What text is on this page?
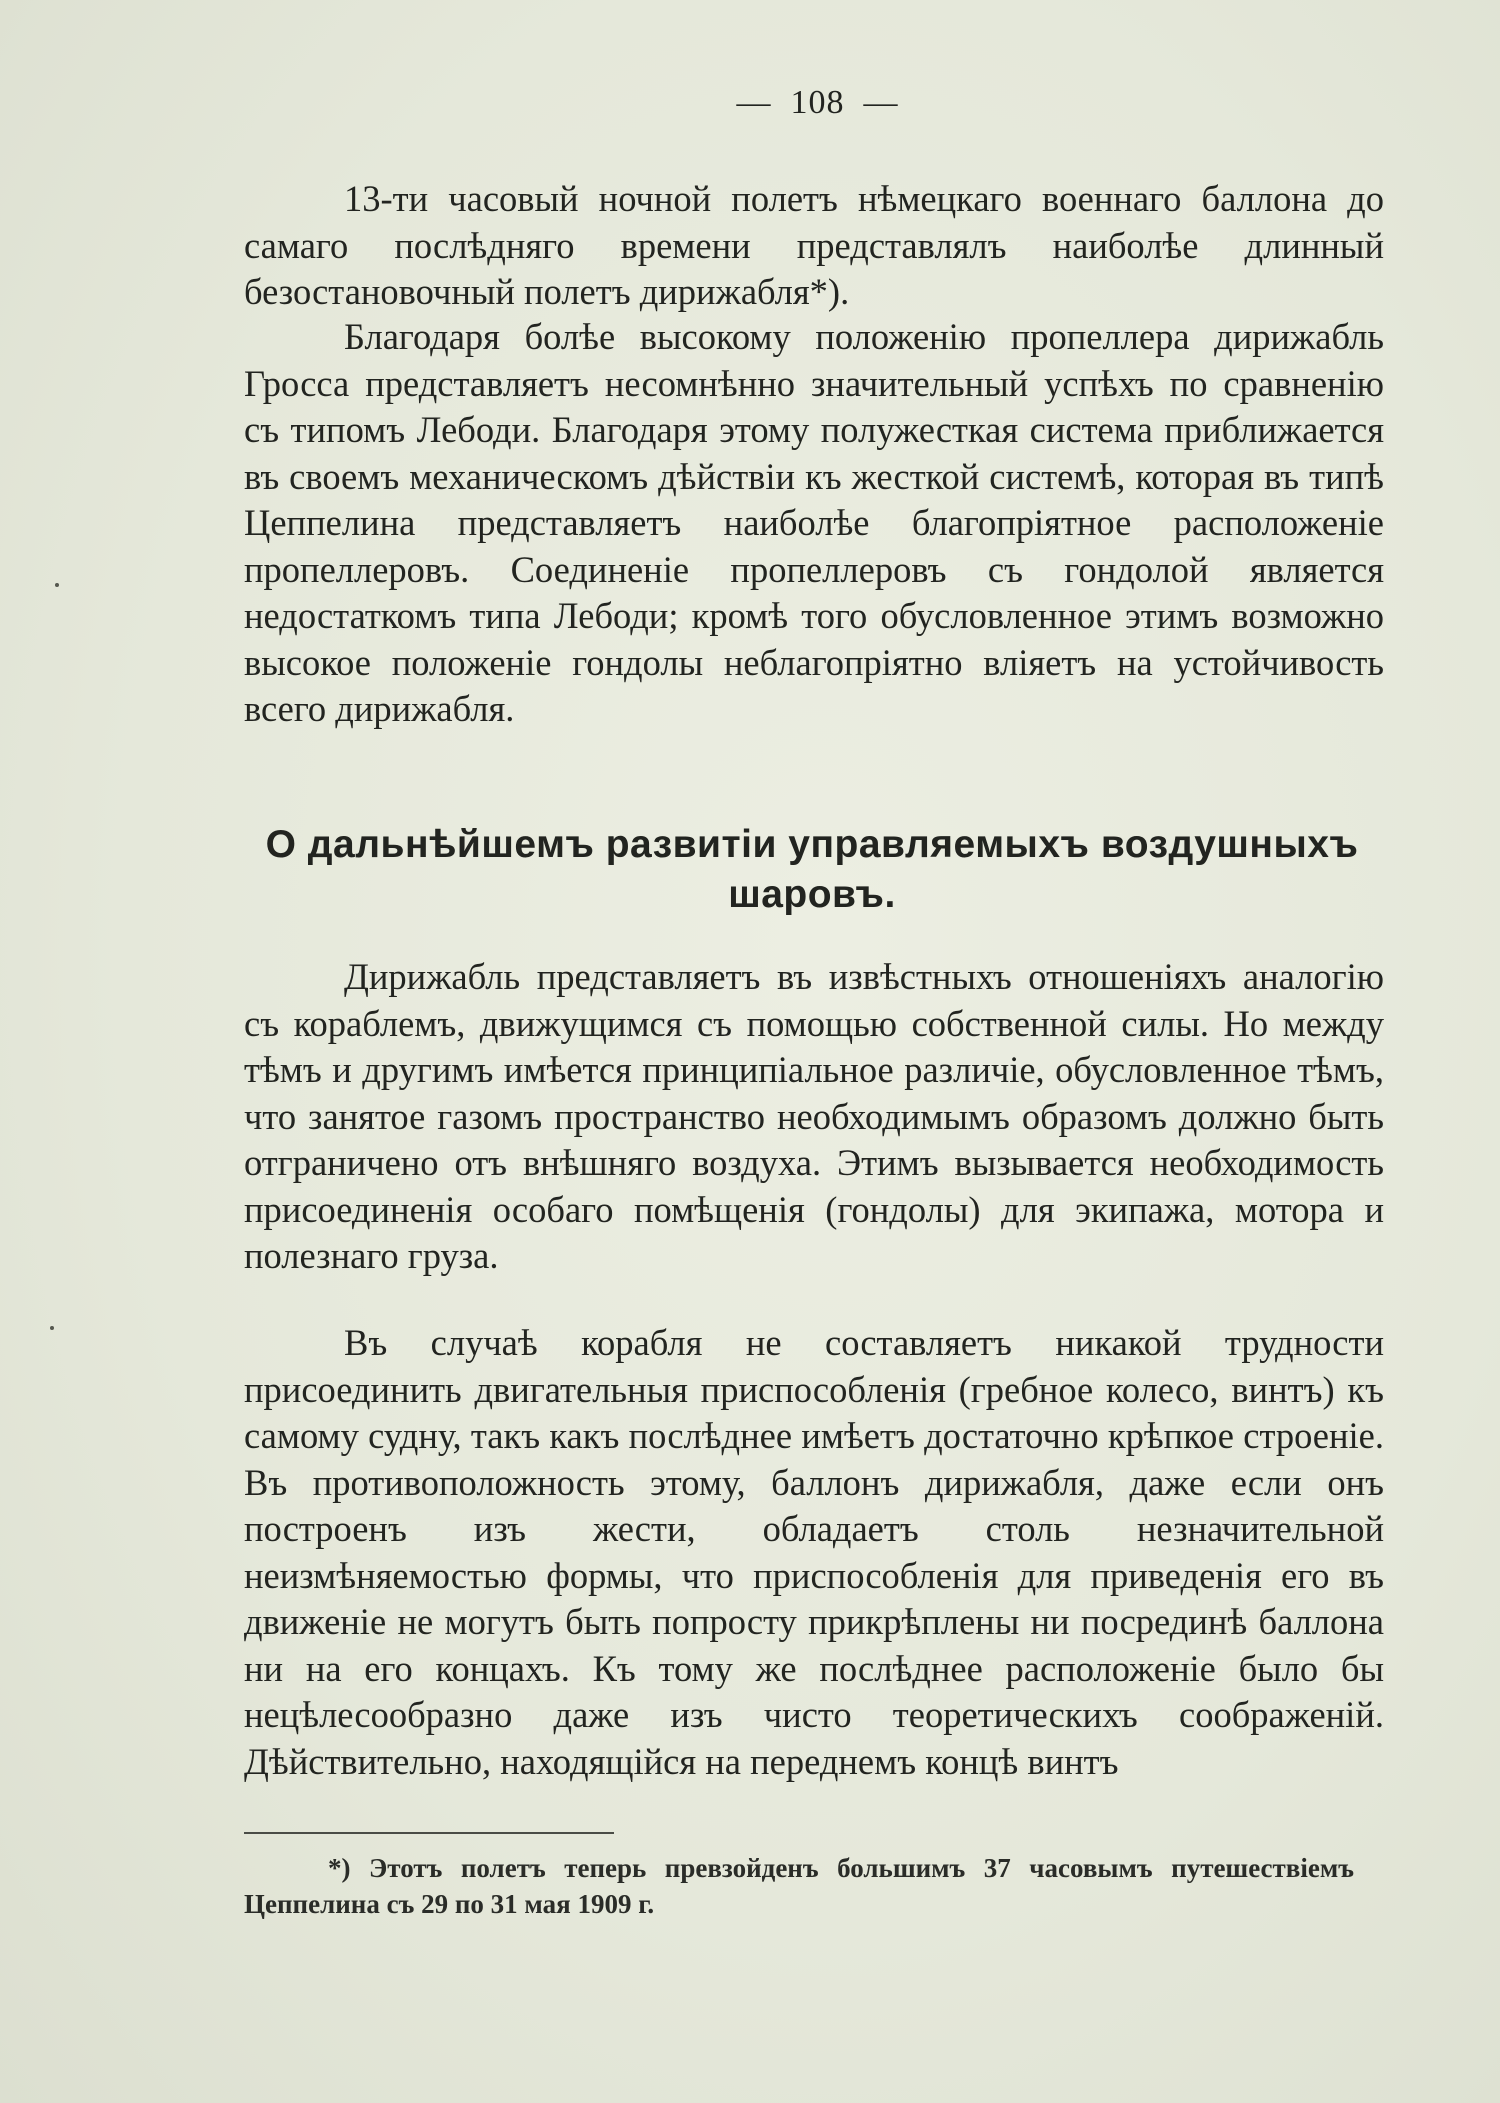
—  108  —

13-ти часовый ночной полетъ нѣмецкаго военнаго баллона до самаго послѣдняго времени представлялъ наиболѣе длинный безостановочный полетъ дирижабля*).

Благодаря болѣе высокому положенію пропеллера дирижабль Гросса представляетъ несомнѣнно значительный успѣхъ по сравненію съ типомъ Лебоди. Благодаря этому полужесткая система приближается въ своемъ механическомъ дѣйствіи къ жесткой системѣ, которая въ типѣ Цеппелина представляетъ наиболѣе благопріятное расположеніе пропеллеровъ. Соединеніе пропеллеровъ съ гондолой является недостаткомъ типа Лебоди; кромѣ того обусловленное этимъ возможно высокое положеніе гондолы неблагопріятно вліяетъ на устойчивость всего дирижабля.

О дальнѣйшемъ развитіи управляемыхъ воздушныхъ шаровъ.

Дирижабль представляетъ въ извѣстныхъ отношеніяхъ аналогію съ кораблемъ, движущимся съ помощью собственной силы. Но между тѣмъ и другимъ имѣется принципіальное различіе, обусловленное тѣмъ, что занятое газомъ пространство необходимымъ образомъ должно быть отграничено отъ внѣшняго воздуха. Этимъ вызывается необходимость присоединенія особаго помѣщенія (гондолы) для экипажа, мотора и полезнаго груза.

Въ случаѣ корабля не составляетъ никакой трудности присоединить двигательныя приспособленія (гребное колесо, винтъ) къ самому судну, такъ какъ послѣднее имѣетъ достаточно крѣпкое строеніе. Въ противоположность этому, баллонъ дирижабля, даже если онъ построенъ изъ жести, обладаетъ столь незначительной неизмѣняемостью формы, что приспособленія для приведенія его въ движеніе не могутъ быть попросту прикрѣплены ни посрединѣ баллона ни на его концахъ. Къ тому же послѣднее расположеніе было бы нецѣлесообразно даже изъ чисто теоретическихъ соображеній. Дѣйствительно, находящійся на переднемъ концѣ винтъ

*) Этотъ полетъ теперь превзойденъ большимъ 37 часовымъ путешествіемъ Цеппелина съ 29 по 31 мая 1909 г.
